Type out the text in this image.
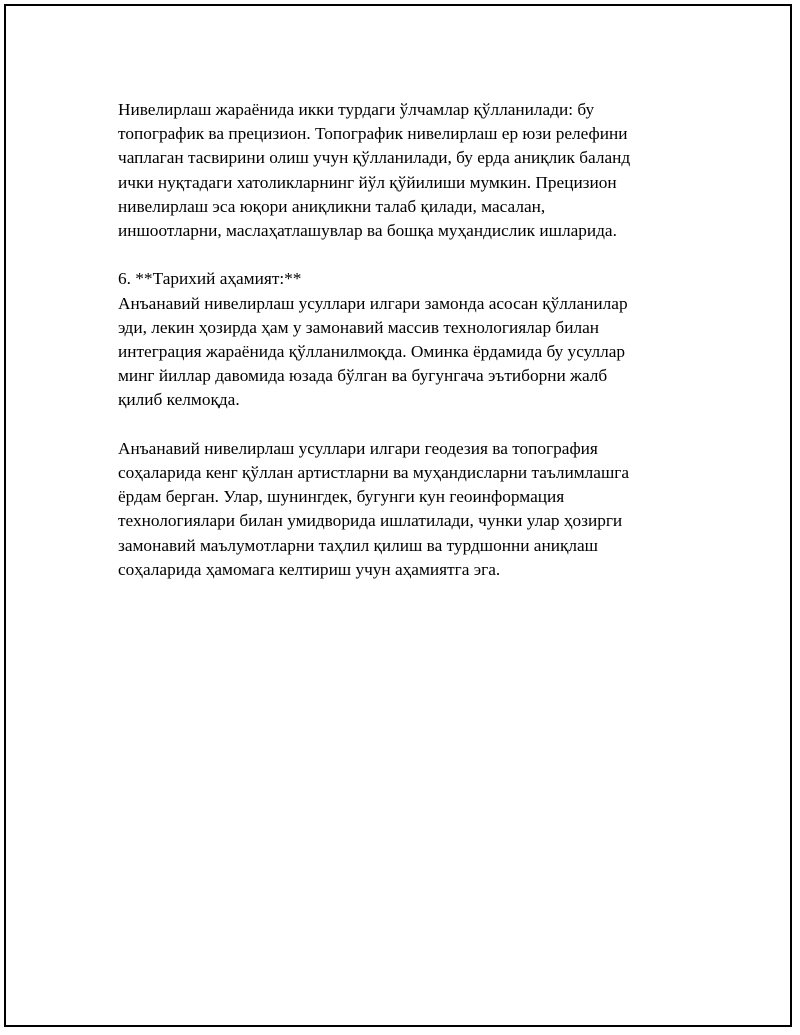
Нивелирлаш жараёнида икки турдаги ўлчамлар қўлланилади: бу
топографик ва прецизион. Топографик нивелирлаш ер юзи релефини
чаплаган тасвирини олиш учун қўлланилади, бу ерда аниқлик баланд
ички нуқтадаги хатоликларнинг йўл қўйилиши мумкин. Прецизион
нивелирлаш эса юқори аниқликни талаб қилади, масалан,
иншоотларни, маслаҳатлашувлар ва бошқа муҳандислик ишларида.

6. **Тарихий аҳамият:**
Анъанавий нивелирлаш усуллари илгари замонда асосан қўлланилар
эди, лекин ҳозирда ҳам у замонавий массив технологиялар билан
интеграция жараёнида қўлланилмоқда. Оминка ёрдамида бу усуллар
минг йиллар давомида юзада бўлган ва бугунгача эътиборни жалб
қилиб келмоқда.

Анъанавий нивелирлаш усуллари илгари геодезия ва топография
соҳаларида кенг қўллан артистларни ва муҳандисларни таълимлашга
ёрдам берган. Улар, шунингдек, бугунги кун геоинформация
технологиялари билан умидворида ишлатилади, чунки улар ҳозирги
замонавий маълумотларни таҳлил қилиш ва турдшонни аниқлаш
соҳаларида ҳамомага келтириш учун аҳамиятга эга.
